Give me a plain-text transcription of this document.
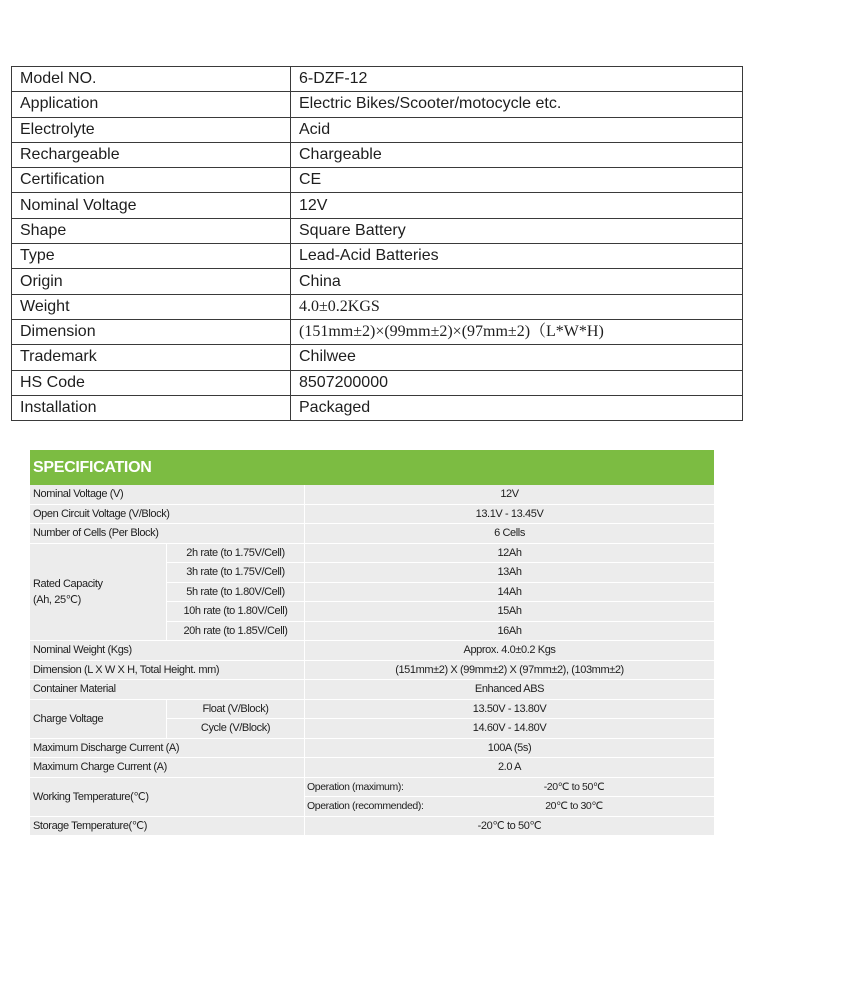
Model NO.	6-DZF-12
Application	Electric Bikes/Scooter/motocycle etc.
Electrolyte	Acid
Rechargeable	Chargeable
Certification	CE
Nominal Voltage	12V
Shape	Square Battery
Type	Lead-Acid Batteries
Origin	China
Weight	4.0±0.2KGS
Dimension	(151mm±2)×(99mm±2)×(97mm±2)（L*W*H)
Trademark	Chilwee
HS Code	8507200000
Installation	Packaged
SPECIFICATION
Nominal Voltage (V)		12V	
Open Circuit Voltage (V/Block)		13.1V - 13.45V	
Number of Cells (Per Block)		6 Cells	
Rated Capacity
(Ah, 25℃)	2h rate (to 1.75V/Cell)	12Ah	
	3h rate (to 1.75V/Cell)	13Ah	
	5h rate (to 1.80V/Cell)	14Ah	
	10h rate (to 1.80V/Cell)	15Ah	
	20h rate (to 1.85V/Cell)	16Ah	
Nominal Weight (Kgs)		Approx. 4.0±0.2 Kgs	
Dimension (L X W X H, Total Height. mm)		(151mm±2) X (99mm±2) X (97mm±2), (103mm±2)	
Container Material		Enhanced ABS	
Charge Voltage	Float (V/Block)	13.50V - 13.80V	
	Cycle (V/Block)	14.60V - 14.80V	
Maximum Discharge Current (A)		100A (5s)	
Maximum Charge Current (A)		2.0 A	
Working Temperature(℃)		Operation (maximum):	-20℃ to 50℃
		Operation (recommended):	20℃ to 30℃
Storage Temperature(℃)		-20℃ to 50℃	
